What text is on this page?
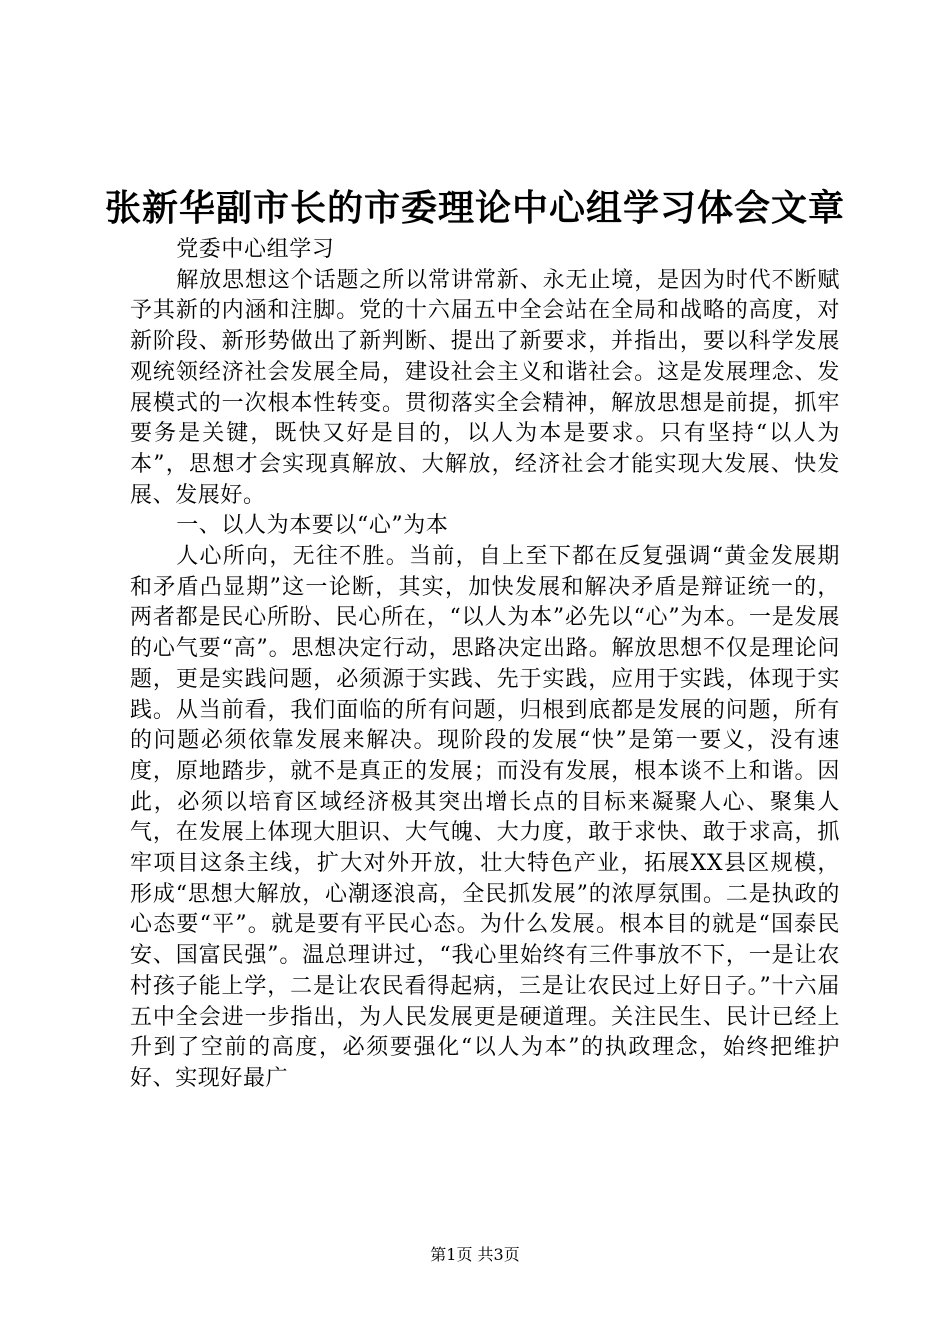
张新华副市长的市委理论中心组学习体会文章

党委中心组学习

解放思想这个话题之所以常讲常新、永无止境，是因为时代不断赋予其新的内涵和注脚。党的十六届五中全会站在全局和战略的高度，对新阶段、新形势做出了新判断、提出了新要求，并指出，要以科学发展观统领经济社会发展全局，建设社会主义和谐社会。这是发展理念、发展模式的一次根本性转变。贯彻落实全会精神，解放思想是前提，抓牢要务是关键，既快又好是目的，以人为本是要求。只有坚持“以人为本”，思想才会实现真解放、大解放，经济社会才能实现大发展、快发展、发展好。

一、以人为本要以“心”为本

人心所向，无往不胜。当前，自上至下都在反复强调“黄金发展期和矛盾凸显期”这一论断，其实，加快发展和解决矛盾是辩证统一的，两者都是民心所盼、民心所在，“以人为本”必先以“心”为本。一是发展的心气要“高”。思想决定行动，思路决定出路。解放思想不仅是理论问题，更是实践问题，必须源于实践、先于实践，应用于实践，体现于实践。从当前看，我们面临的所有问题，归根到底都是发展的问题，所有的问题必须依靠发展来解决。现阶段的发展“快”是第一要义，没有速度，原地踏步，就不是真正的发展；而没有发展，根本谈不上和谐。因此，必须以培育区域经济极其突出增长点的目标来凝聚人心、聚集人气，在发展上体现大胆识、大气魄、大力度，敢于求快、敢于求高，抓牢项目这条主线，扩大对外开放，壮大特色产业，拓展XX县区规模，形成“思想大解放，心潮逐浪高，全民抓发展”的浓厚氛围。二是执政的心态要“平”。就是要有平民心态。为什么发展。根本目的就是“国泰民安、国富民强”。温总理讲过，“我心里始终有三件事放不下，一是让农村孩子能上学，二是让农民看得起病，三是让农民过上好日子。”十六届五中全会进一步指出，为人民发展更是硬道理。关注民生、民计已经上升到了空前的高度，必须要强化“以人为本”的执政理念，始终把维护好、实现好最广

第1页 共3页
